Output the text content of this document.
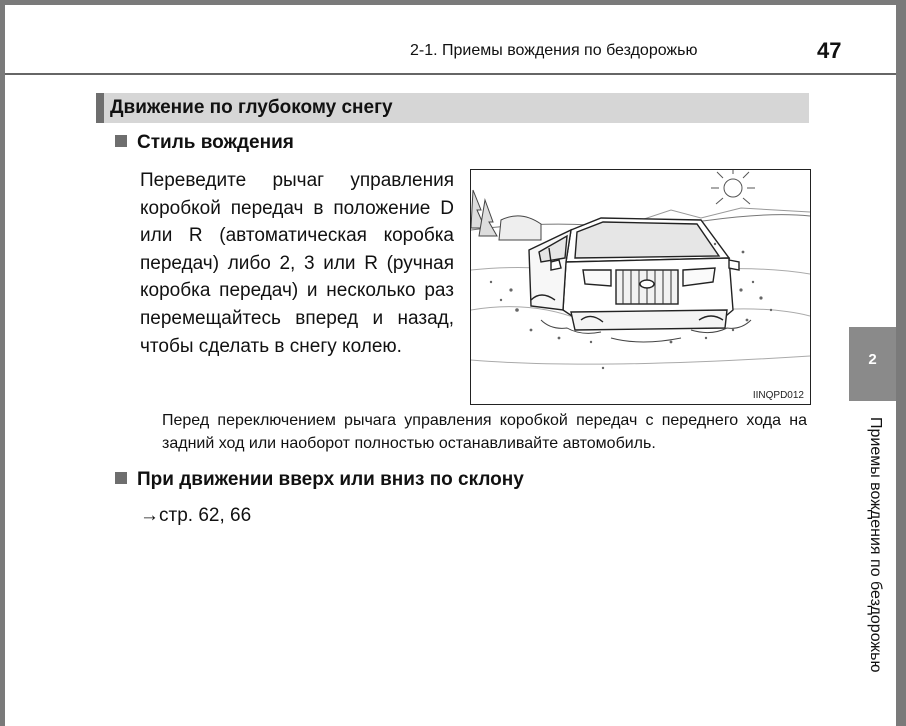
2-1. Приемы вождения по бездорожью	47
Движение по глубокому снегу
Стиль вождения
Переведите рычаг управления коробкой передач в положение D или R (автоматическая коробка передач) либо 2, 3 или R (ручная коробка передач) и несколько раз перемещайтесь вперед и назад, чтобы сделать в снегу колею.
IINQPD012
Перед переключением рычага управления коробкой передач с переднего хода на задний ход или наоборот полностью останавливайте автомобиль.
При движении вверх или вниз по склону
→стр. 62, 66
2
Приемы вождения по бездорожью
